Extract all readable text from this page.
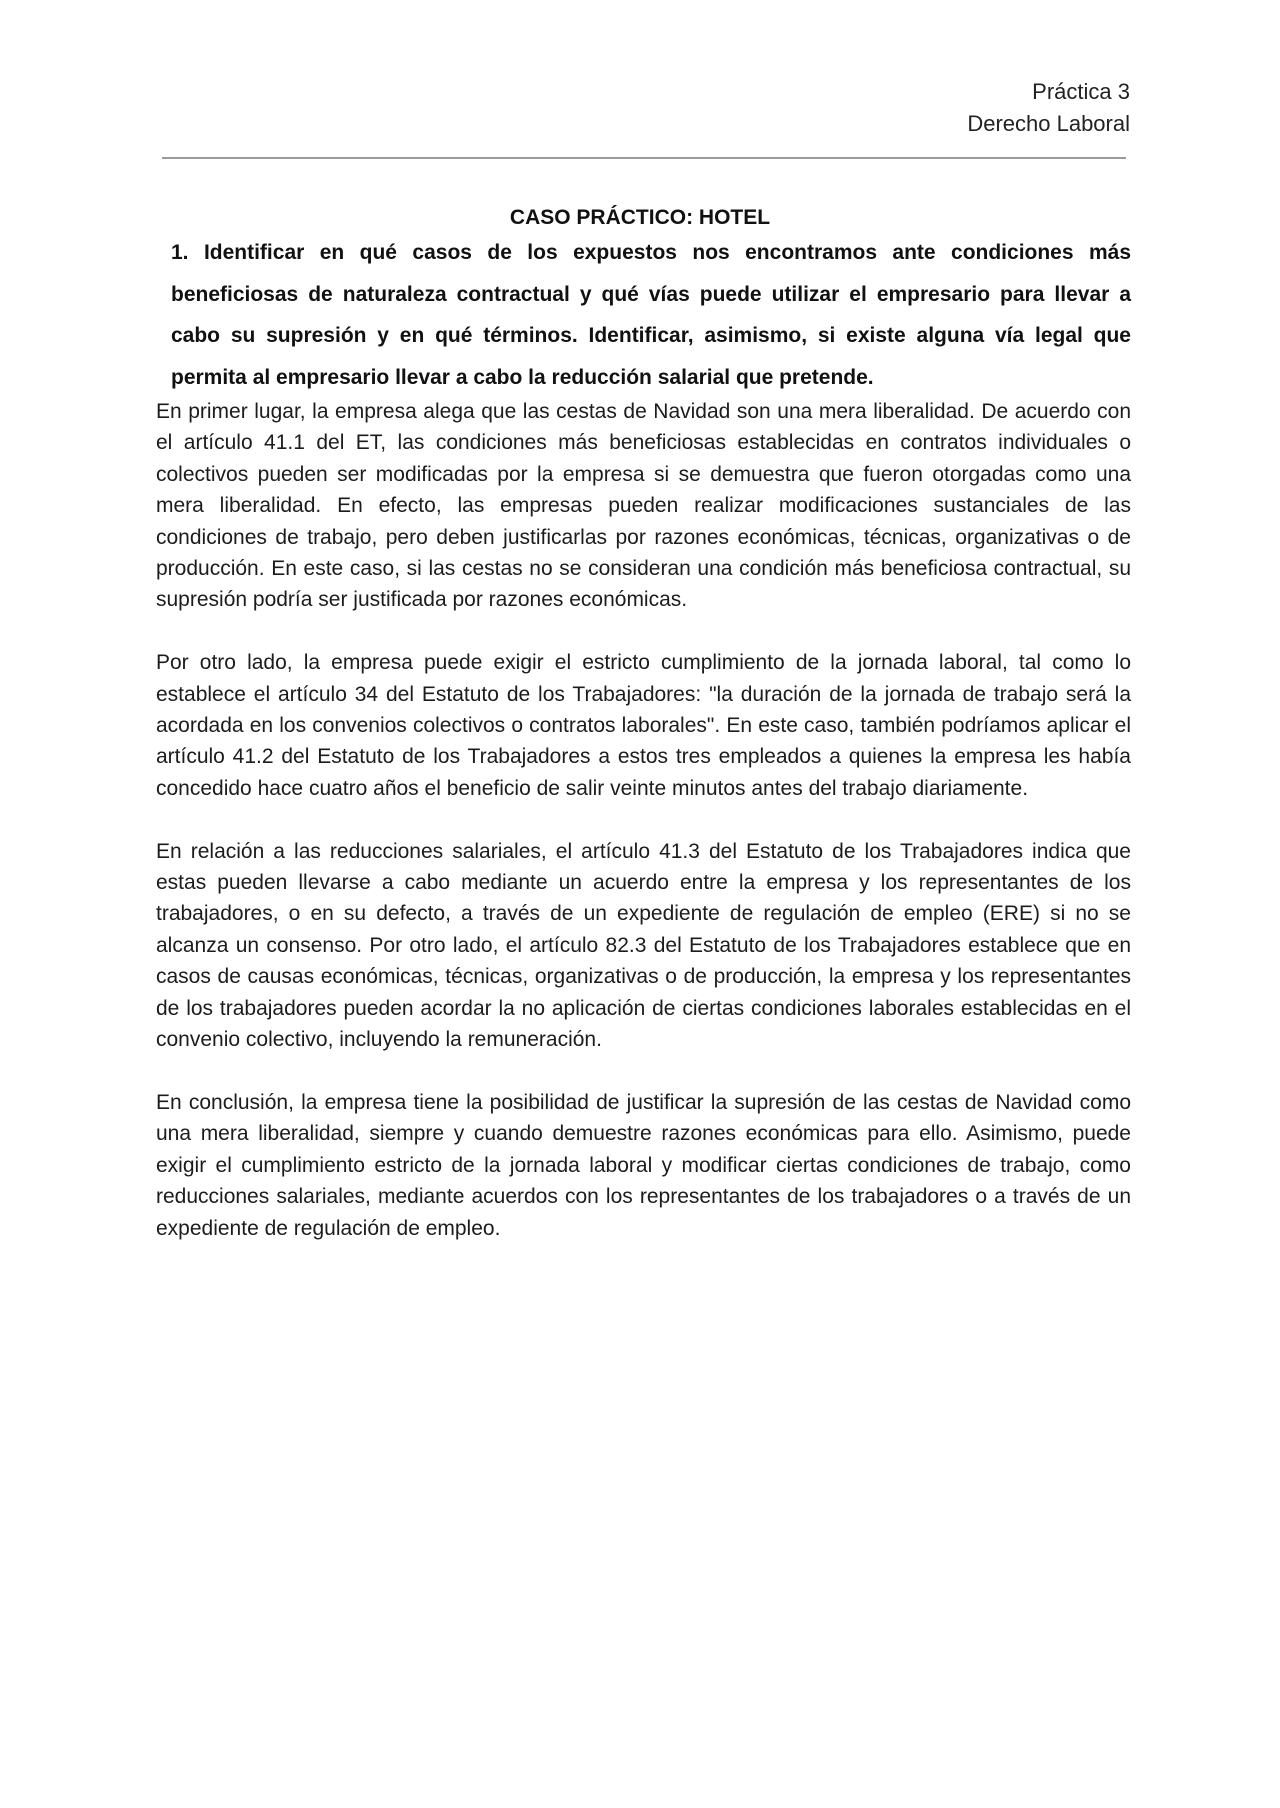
Práctica 3
Derecho Laboral
CASO PRÁCTICO: HOTEL
1. Identificar en qué casos de los expuestos nos encontramos ante condiciones más beneficiosas de naturaleza contractual y qué vías puede utilizar el empresario para llevar a cabo su supresión y en qué términos. Identificar, asimismo, si existe alguna vía legal que permita al empresario llevar a cabo la reducción salarial que pretende.

En primer lugar, la empresa alega que las cestas de Navidad son una mera liberalidad. De acuerdo con el artículo 41.1 del ET, las condiciones más beneficiosas establecidas en contratos individuales o colectivos pueden ser modificadas por la empresa si se demuestra que fueron otorgadas como una mera liberalidad. En efecto, las empresas pueden realizar modificaciones sustanciales de las condiciones de trabajo, pero deben justificarlas por razones económicas, técnicas, organizativas o de producción. En este caso, si las cestas no se consideran una condición más beneficiosa contractual, su supresión podría ser justificada por razones económicas.

Por otro lado, la empresa puede exigir el estricto cumplimiento de la jornada laboral, tal como lo establece el artículo 34 del Estatuto de los Trabajadores: "la duración de la jornada de trabajo será la acordada en los convenios colectivos o contratos laborales". En este caso, también podríamos aplicar el artículo 41.2 del Estatuto de los Trabajadores a estos tres empleados a quienes la empresa les había concedido hace cuatro años el beneficio de salir veinte minutos antes del trabajo diariamente.

En relación a las reducciones salariales, el artículo 41.3 del Estatuto de los Trabajadores indica que estas pueden llevarse a cabo mediante un acuerdo entre la empresa y los representantes de los trabajadores, o en su defecto, a través de un expediente de regulación de empleo (ERE) si no se alcanza un consenso. Por otro lado, el artículo 82.3 del Estatuto de los Trabajadores establece que en casos de causas económicas, técnicas, organizativas o de producción, la empresa y los representantes de los trabajadores pueden acordar la no aplicación de ciertas condiciones laborales establecidas en el convenio colectivo, incluyendo la remuneración.

En conclusión, la empresa tiene la posibilidad de justificar la supresión de las cestas de Navidad como una mera liberalidad, siempre y cuando demuestre razones económicas para ello. Asimismo, puede exigir el cumplimiento estricto de la jornada laboral y modificar ciertas condiciones de trabajo, como reducciones salariales, mediante acuerdos con los representantes de los trabajadores o a través de un expediente de regulación de empleo.
